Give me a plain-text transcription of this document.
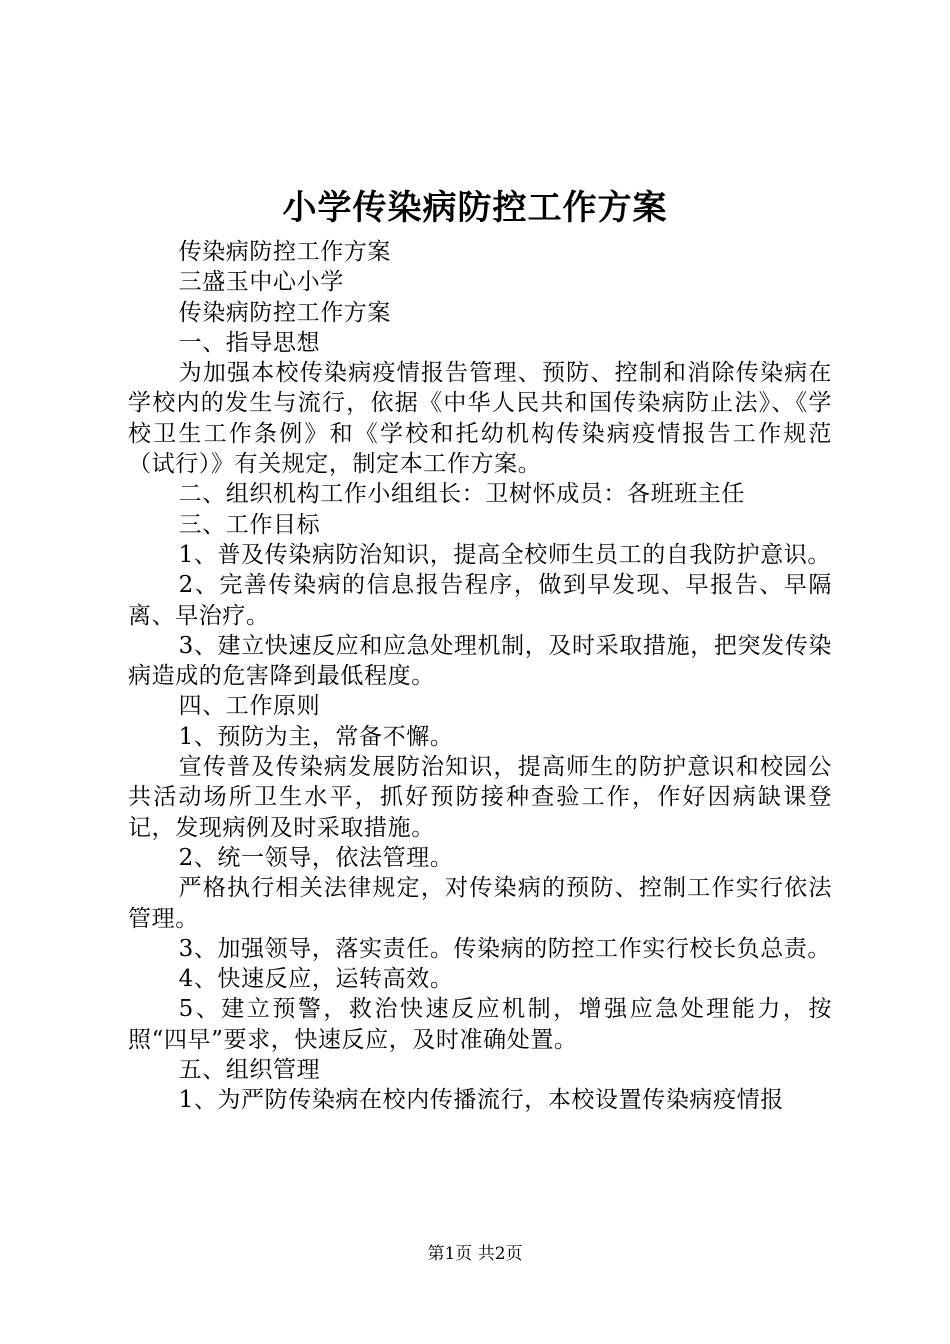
小学传染病防控工作方案

传染病防控工作方案

三盛玉中心小学

传染病防控工作方案

一、指导思想

为加强本校传染病疫情报告管理、预防、控制和消除传染病在学校内的发生与流行，依据《中华人民共和国传染病防止法》、《学校卫生工作条例》和《学校和托幼机构传染病疫情报告工作规范（试行）》有关规定，制定本工作方案。

二、组织机构工作小组组长：卫树怀成员：各班班主任

三、工作目标

1、普及传染病防治知识，提高全校师生员工的自我防护意识。

2、完善传染病的信息报告程序，做到早发现、早报告、早隔离、早治疗。

3、建立快速反应和应急处理机制，及时采取措施，把突发传染病造成的危害降到最低程度。

四、工作原则

1、预防为主，常备不懈。

宣传普及传染病发展防治知识，提高师生的防护意识和校园公共活动场所卫生水平，抓好预防接种查验工作，作好因病缺课登记，发现病例及时采取措施。

2、统一领导，依法管理。

严格执行相关法律规定，对传染病的预防、控制工作实行依法管理。

3、加强领导，落实责任。传染病的防控工作实行校长负总责。

4、快速反应，运转高效。

5、建立预警，救治快速反应机制，增强应急处理能力，按照“四早”要求，快速反应，及时准确处置。

五、组织管理

1、为严防传染病在校内传播流行，本校设置传染病疫情报

第1页 共2页
